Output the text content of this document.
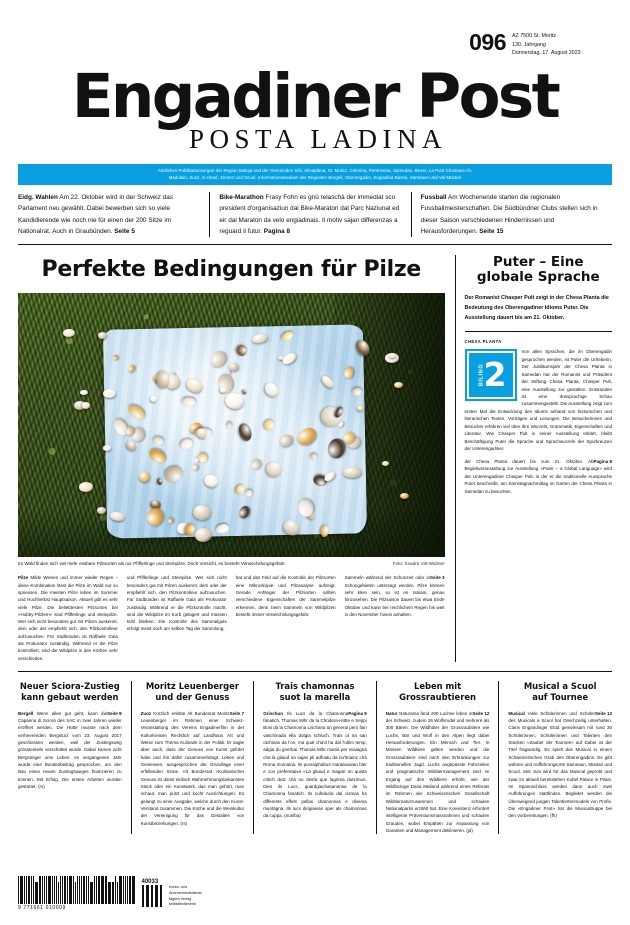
096 AZ 7500 St. Moritz
130. Jahrgang
Donnerstag, 17. August 2023
Engadiner Post
POSTA LADINA
Amtliches Publikationsorgan der Region Maloja und der Gemeinden Sils, Silvaplana, St. Moritz, Celerina, Pontresina, Samedan, Bever, La Punt Chamues-ch,
Madulain, Zuoz, S-chanf, Zernez und Scuol. Informationsmedium der Regionen Bergell, Oberengadin, Engiadina Bassa, Samnaun und Val Müstair
Eidg. Wahlen Am 22. Oktober wird in der Schweiz das Parlament neu gewählt. Dabei bewerben sich so viele Kandidierende wie noch nie für einen der 200 Sitze im Nationalrat. Auch in Graubünden. Seite 5
Bike-Marathon Frasy Fohn es gnü relaschà der immediat sco president d'organisaziun dal Bike-Maraton dal Parc Naziunal ed eir dal Maraton da velo engiadinais. Il motiv sajan differenzas a reguard il futur. Pagina 8
Fussball Am Wochenende starten die regionalen Fussballmeisterschaften. Die Südbündner Clubs stellen sich in dieser Saison verschiedenen Hindernissen und Herausforderungen. Seite 15
Perfekte Bedingungen für Pilze
Im Wald finden sich viel mehr essbare Pilzsorten als nur Pfifferlinge und Steinpilze. Doch Vorsicht, es besteht Verwechslungsgefahr.	Foto: Snadrà Vitt-Widmer
Pilze Milde Wiesen und immer wieder Regen – diese Kombination lässt die Pilze im Wald nur so spriessen. Die meisten Pilze leben im Sommer und Hochherbst Hauptsaison. Aktuell gibt es sehr viele Pilze. Die beliebtesten Pilzsorten bei «Hobby-Pilzlern» sind Pfifferlinge und Steinpilze. Wer sich nicht besonders gut mit Pilzen auskennt, dem oder der empfiehlt sich, den Pilzkontrolleur aufzusuchen. Für Südbünden ist Raffaele Gaia als Prokurator zuständig. Während er die Pilze kontrolliert, sind die Wildpilze in den Körben sehr verschieden.
und Pfifferlinge und Steinpilze. Wer sich nicht besonders gut mit Pilzen auskennt, dem oder der empfiehlt sich, den Pilzkontrolleur aufzusuchen. Für Südbünden ist Raffaele Gaia als Prokurator zuständig. Während er die Pilzkontrolle macht, sind die Wildpilze im Korb gelagert und müssen kühl bleiben. Die Kontrolle des Sammelguts erfolgt meist noch am selben Tag der Sammlung.
hat und das Feld auf die Kontrolle der Pilzsorten eine Mikroskopie und Pilzanalyse aufzeigt. Gerade Anfänger der Pilzsorten sollten verschiedene Eigenschaften der Sammelpilze erkennen, denn beim Sammeln von Wildpilzen besteht immer Verwechslungsgefahr.
Seite 3
Sammeln während der Schonzeit oder in Schongebieten untersagt werden. Pilze können sehr klein sein, so ist es ratsam, genau hinzusehen. Die Pilzsaison dauert bis etwa Ende Oktober und kann bei reichlichem Regen bis weit in den November hinein anhalten.
Puter – Eine globale Sprache
Der Romanist Chasper Pult zeigt in der Chesa Planta die Bedeutung des Oberengadiner Idioms Puter. Die Ausstellung dauert bis am 21. Oktober.
CHESA PLANTA
BILING 2
Von allen Sprachen, die im Oberengadin gesprochen werden, ist Puter die Urheberin. Der Jubiläumsjahr der Chesa Planta in Samedan hat der Romanist und Präsident der Stiftung Chesa Planta, Chasper Pult, eine Ausstellung zur gestalten. Entstanden ist eine dreisprachige Schau zusammengestellt. Die Ausstellung zeigt zum ersten Mal die Entwicklung des Idioms anhand von historischen und literarischen Texten, Vorträgen und Lesungen. Die Besucherinnen und Besucher erfahren viel über ihre Wurzeln, Grammatik, Eigenschaften und Literatur. Wie Chasper Pult in seiner Ausstellung erklärt, bleibt Beschäftigung Puter die Sprache und Sprachwurzeln der Spurkreuzen der Unterengadiner.
Pagina 8
der Chesa Planta dauert bis zum 21. Oktober. Ab Begleitveranstaltung zur Ausstellung «Puter – a Global Language» wird der Unterengadiner Chasper Pult, in der er die traditionelle Aussprache Puter beschreibt, am Samstagnachmittag im Garten der Chesa Planta in Samedan zu besuchen.
Neuer Sciora-Zustieg
kann gebaut werden
Seite 8
Bergell Wenn alles gut geht, kann die Capanna di Sciora des SAC in zwei Jahren wieder eröffnet werden. Die Hütte musste nach dem verheerenden Bergsturz vom 23. August 2017 geschlossen werden, weil der Zustiegsweg grösstenteils verschüttet wurde. Dabei kamen acht Bergsteiger ums Leben. Im vergangenen Jahr wurde eine Bundesbeitrag gesprochen, um den Bau eines neuen Zustiegsweges finanzieren zu können. Mit Erfolg. Die ersten Arbeiten wurden gestartet. (rs)
Moritz Leuenberger
und der Genuss
Seite 7
Zuoz Kürzlich erlebte Alt Bundesrat Moritz Leuenberger im Rahmen einer Schweiz-Veranstaltung des Vereins Engadinerfilm in der Kulturkreisen Rechtlich auf Landhaus Art und Weise zum Thema Kulinarik in der Politik. Er sagte aber auch, dass der Genuss von Kunst geführt habe und ihn dafür zusammenhängt. Leben und Geniessen, ausgesprochen der Grundlage einer erfüllenden Sinne. Alt Bundesrat «Kulinarischer Genuss ist damit einfach Wahrnehmungsbekanntes Stück oder ein Kunstwerk, das man gehört, man schaut, man putzt und kocht Ausrichtungen. Es gelangt zu einer Ausgabe, welche durch den Kunst-Verstand zusammen. Die Küche und die Weinkultur der Vereinigung für das Gestalten von Kunstbeziehungen. (rs)
Trais chamonnas
suot la marella
Pagina 9
Grischun Ils Lucs da la Chamonna fanatich, Thomas Mihr da la Chüdera-Hütte e Seppi Bosi da la Chamonna Lischana ün general però fain vaschinada ella dutgia schluch. Trais ot na san otchinas da l'on, ma qual chà'd ha dal l'ultim temp, adgia du gnerbai. Thomas Mihr manià per svaiagnà cha la gliaud na sajan pli adfuatu da nu'lmainz chà Roma mumaina. Ils pursaiphabus mantanaivan bler e con preferetaiva «La gliaud e magari ün quista critich dutz chà nu desfa que lagrima dutzimun. Dies ils Lucs, guardgiachasanonsa de la Chamonna fanatich. Ils cufeduria dal cismas ha differents effets pellas chamonnas e diversa muntagna. Ils lucs dirigiaivan sper als chamonnas da cuppa. (nus/ba)
Leben mit
Grossraubtieren
Seite 12
Natur Naturama fand 200 Luchse leben in der Schweiz, zudem 26 Wolfsrudel und mehrere als 300 Bären. Die Wildhüter der Grossraubtiere wie Luchs, Bär und Wolf in den Alpen liegt dabei Herausforderungen. Ein Mensch und Tier. In Müssen Wildtiere gelten werden und die Grossraubtiere sind nach den Erkrankungen zur traditionellen Jagd. Luchs angepasste Fahrzeiten und pragmatische Wildtiermanagement sind im Ergang auf den Wildtiere erhöht, wie der Wildbiologe Daria Meiland während eines Referats im Rahmen der Schweizerischen Gesellschaft Wildtiernaturzusammen und schaulen Nationalparks erzählt hat. Eine Koexistenz erfordert intelligente Präventionsmassnahmen und schaulen Grauden, wobei Erspähen zur Anpassung von Garanten und Management deklinieren. (jd)
Musical a Scuol
auf Tournee
Seite 13
Musical Viele Schülerinnen und Schüler des Musicals a Scuol hat Gleichzeitig unterhalten. Claris Engandinger Etüd gemeinsam mit rund 30 Schülerinnen, Schülerinnen und Talenten den Stücken «Zauber der Tournee» auf Dabei ist der Titel fragwürdig. Es spielt das Musical in einem Schweizerischen Grab des Oberengadins. Es gibt wahren und Aufführungsorte Samnaun, Müstair und Scuol. Seit Juni wird für das Musical geprobt und zwar im aktuell bereitstehen Kubel Palace in Pilais. Im Spannschluss werden dann auch zwei Aufführungen stattfinden. Begleitet werden die Überwiegend jungen Talentiertenmodels von Profis. Die «Engadiner Post» hat die Musicaltruppe bei den Vorbereitungen. (fh)
9 771661 010009
40033
Konto- und
Abonnementsdienst
täglich Verlag
selbstbedienend
